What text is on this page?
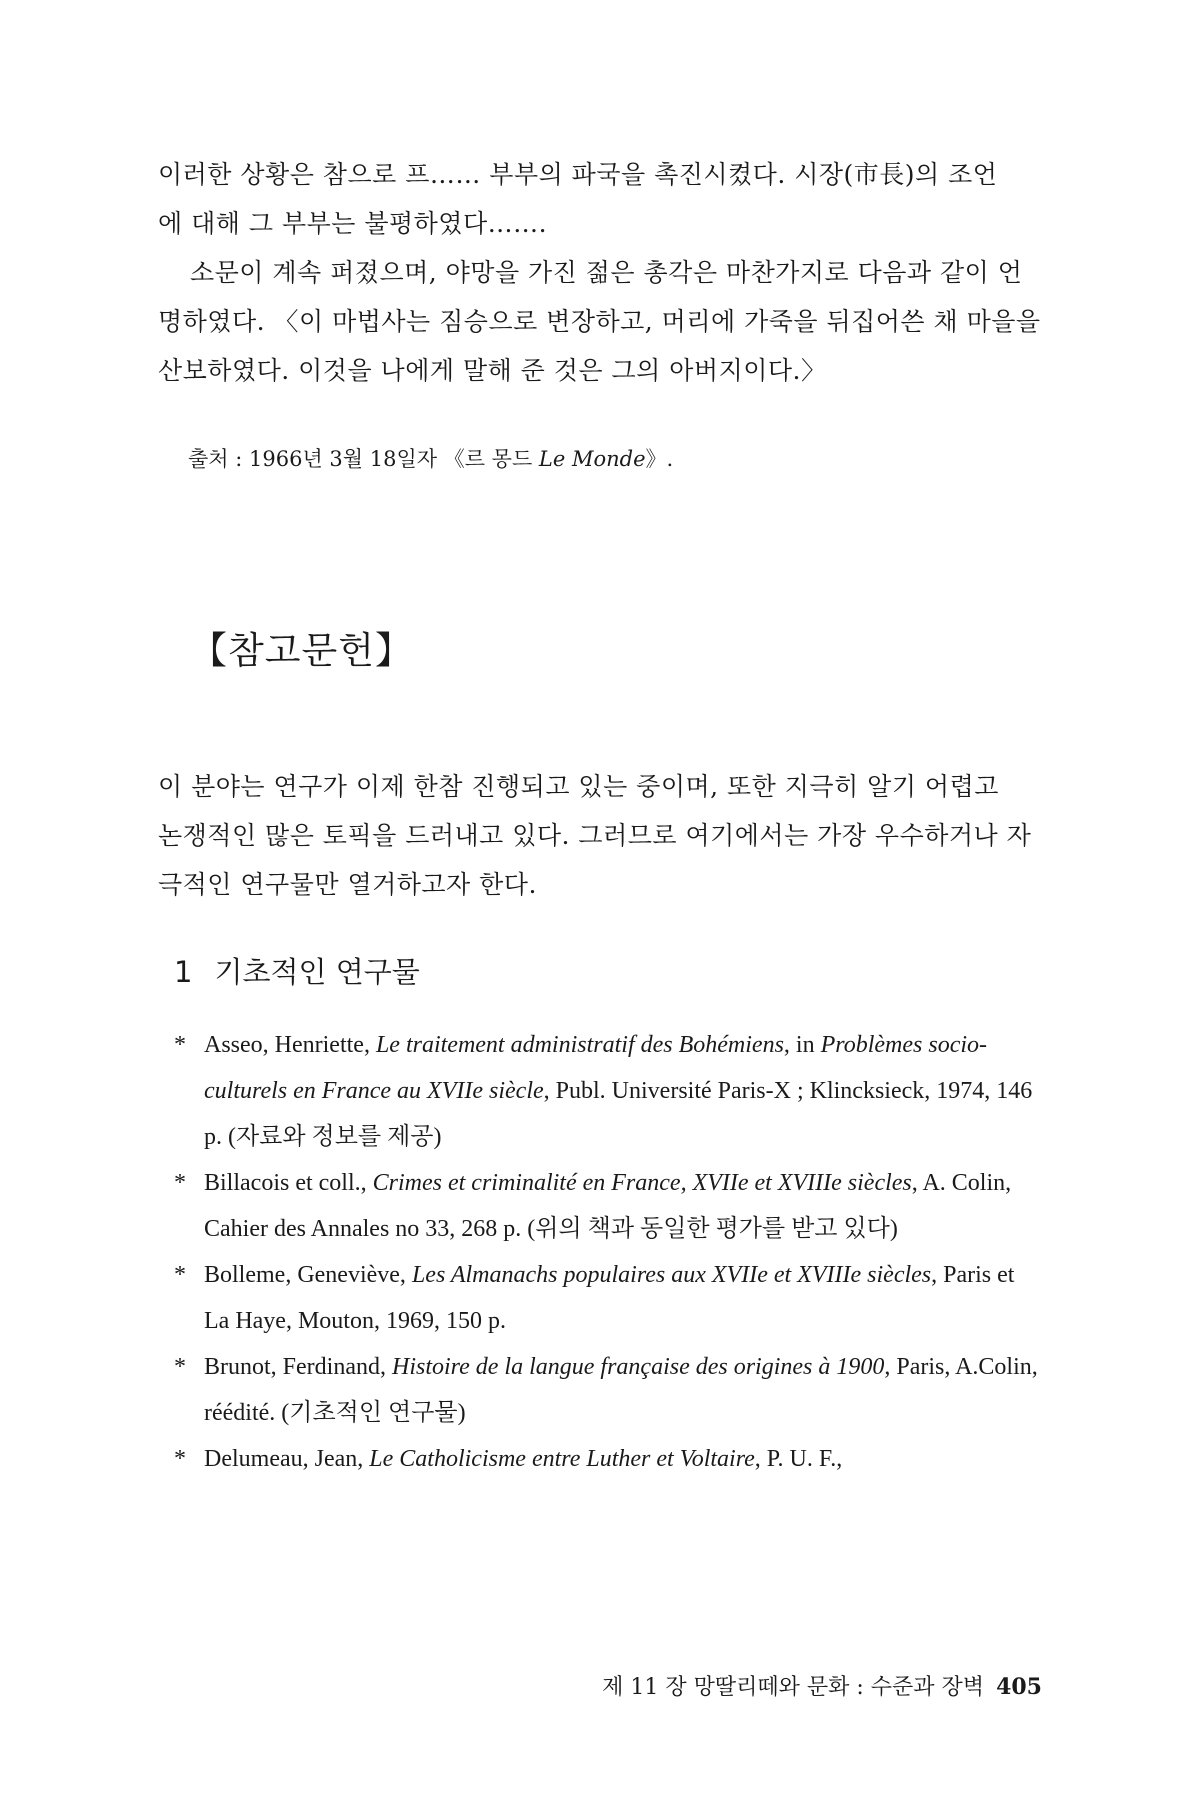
이러한 상황은 참으로 프…… 부부의 파국을 촉진시켰다. 시장(市長)의 조언
에 대해 그 부부는 불평하였다…….
소문이 계속 퍼졌으며, 야망을 가진 젊은 총각은 마찬가지로 다음과 같이 언
명하였다. 〈이 마법사는 짐승으로 변장하고, 머리에 가죽을 뒤집어쓴 채 마을을
산보하였다. 이것을 나에게 말해 준 것은 그의 아버지이다.〉
출처 : 1966년 3월 18일자 《르 몽드 Le Monde》.
【참고문헌】
이 분야는 연구가 이제 한참 진행되고 있는 중이며, 또한 지극히 알기 어렵고
논쟁적인 많은 토픽을 드러내고 있다. 그러므로 여기에서는 가장 우수하거나 자
극적인 연구물만 열거하고자 한다.
1 기초적인 연구물
* Asseo, Henriette, Le traitement administratif des Bohémiens, in Problèmes socio-culturels en France au XVIIe siècle, Publ. Université Paris-X ; Klincksieck, 1974, 146 p. (자료와 정보를 제공)
* Billacois et coll., Crimes et criminalité en France, XVIIe et XVIIIe siècles, A. Colin, Cahier des Annales no 33, 268 p. (위의 책과 동일한 평가를 받고 있다)
* Bolleme, Geneviève, Les Almanachs populaires aux XVIIe et XVIIIe siècles, Paris et La Haye, Mouton, 1969, 150 p.
* Brunot, Ferdinand, Histoire de la langue française des origines à 1900, Paris, A.Colin, réédité. (기초적인 연구물)
* Delumeau, Jean, Le Catholicisme entre Luther et Voltaire, P. U. F.,
제 11 장 망딸리떼와 문화 : 수준과 장벽 405
